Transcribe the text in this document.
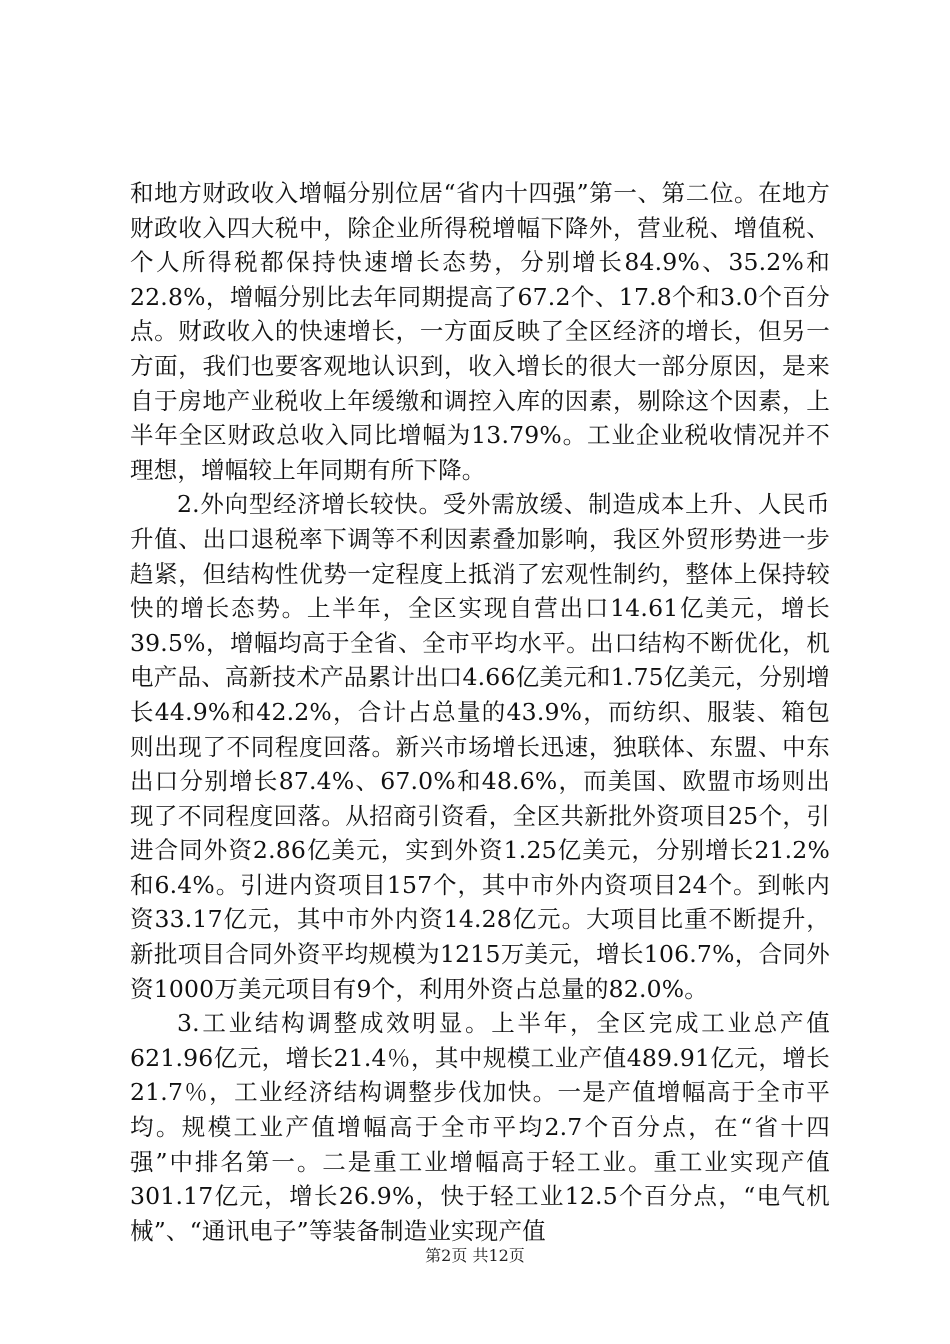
和地方财政收入增幅分别位居“省内十四强”第一、第二位。在地方财政收入四大税中，除企业所得税增幅下降外，营业税、增值税、个人所得税都保持快速增长态势，分别增长84.9%、35.2%和22.8%，增幅分别比去年同期提高了67.2个、17.8个和3.0个百分点。财政收入的快速增长，一方面反映了全区经济的增长，但另一方面，我们也要客观地认识到，收入增长的很大一部分原因，是来自于房地产业税收上年缓缴和调控入库的因素，剔除这个因素，上半年全区财政总收入同比增幅为13.79%。工业企业税收情况并不理想，增幅较上年同期有所下降。

2.外向型经济增长较快。受外需放缓、制造成本上升、人民币升值、出口退税率下调等不利因素叠加影响，我区外贸形势进一步趋紧，但结构性优势一定程度上抵消了宏观性制约，整体上保持较快的增长态势。上半年，全区实现自营出口14.61亿美元，增长39.5%，增幅均高于全省、全市平均水平。出口结构不断优化，机电产品、高新技术产品累计出口4.66亿美元和1.75亿美元，分别增长44.9%和42.2%，合计占总量的43.9%，而纺织、服装、箱包则出现了不同程度回落。新兴市场增长迅速，独联体、东盟、中东出口分别增长87.4%、67.0%和48.6%，而美国、欧盟市场则出现了不同程度回落。从招商引资看，全区共新批外资项目25个，引进合同外资2.86亿美元，实到外资1.25亿美元，分别增长21.2%和6.4%。引进内资项目157个，其中市外内资项目24个。到帐内资33.17亿元，其中市外内资14.28亿元。大项目比重不断提升，新批项目合同外资平均规模为1215万美元，增长106.7%，合同外资1000万美元项目有9个，利用外资占总量的82.0%。

3.工业结构调整成效明显。上半年，全区完成工业总产值621.96亿元，增长21.4％，其中规模工业产值489.91亿元，增长21.7％，工业经济结构调整步伐加快。一是产值增幅高于全市平均。规模工业产值增幅高于全市平均2.7个百分点，在“省十四强”中排名第一。二是重工业增幅高于轻工业。重工业实现产值301.17亿元，增长26.9%，快于轻工业12.5个百分点，“电气机械”、“通讯电子”等装备制造业实现产值

第2页 共12页
